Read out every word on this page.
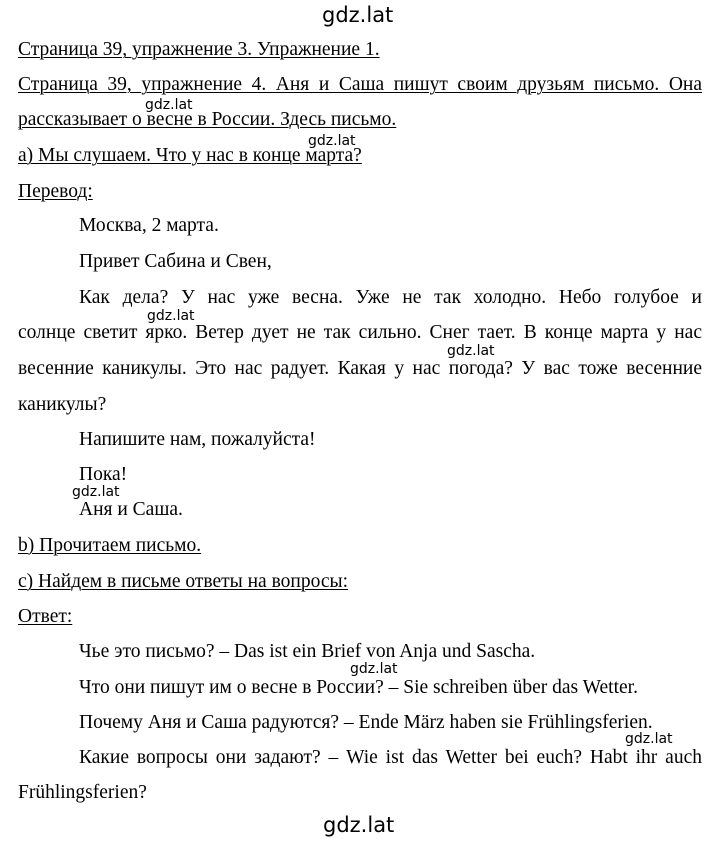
gdz.lat
gdz.lat
gdz.lat
gdz.lat
gdz.lat
gdz.lat
gdz.lat
gdz.lat
gdz.lat

Страница 39, упражнение 3. Упражнение 1.

Страница 39, упражнение 4. Аня и Саша пишут своим друзьям письмо. Она

рассказывает о весне в России. Здесь письмо.

а) Мы слушаем. Что у нас в конце марта?

Перевод:

Москва, 2 марта.

Привет Сабина и Свен,

Как дела? У нас уже весна. Уже не так холодно. Небо голубое и

солнце светит ярко. Ветер дует не так сильно. Снег тает. В конце марта у нас

весенние каникулы. Это нас радует. Какая у нас погода? У вас тоже весенние

каникулы?

Напишите нам, пожалуйста!

Пока!

Аня и Саша.

b) Прочитаем письмо.

c) Найдем в письме ответы на вопросы:

Ответ:

Чье это письмо? – Das ist ein Brief von Anja und Sascha.

Что они пишут им о весне в России? – Sie schreiben über das Wetter.

Почему Аня и Саша радуются? – Ende März haben sie Frühlingsferien.

Какие вопросы они задают? – Wie ist das Wetter bei euch? Habt ihr auch

Frühlingsferien?
